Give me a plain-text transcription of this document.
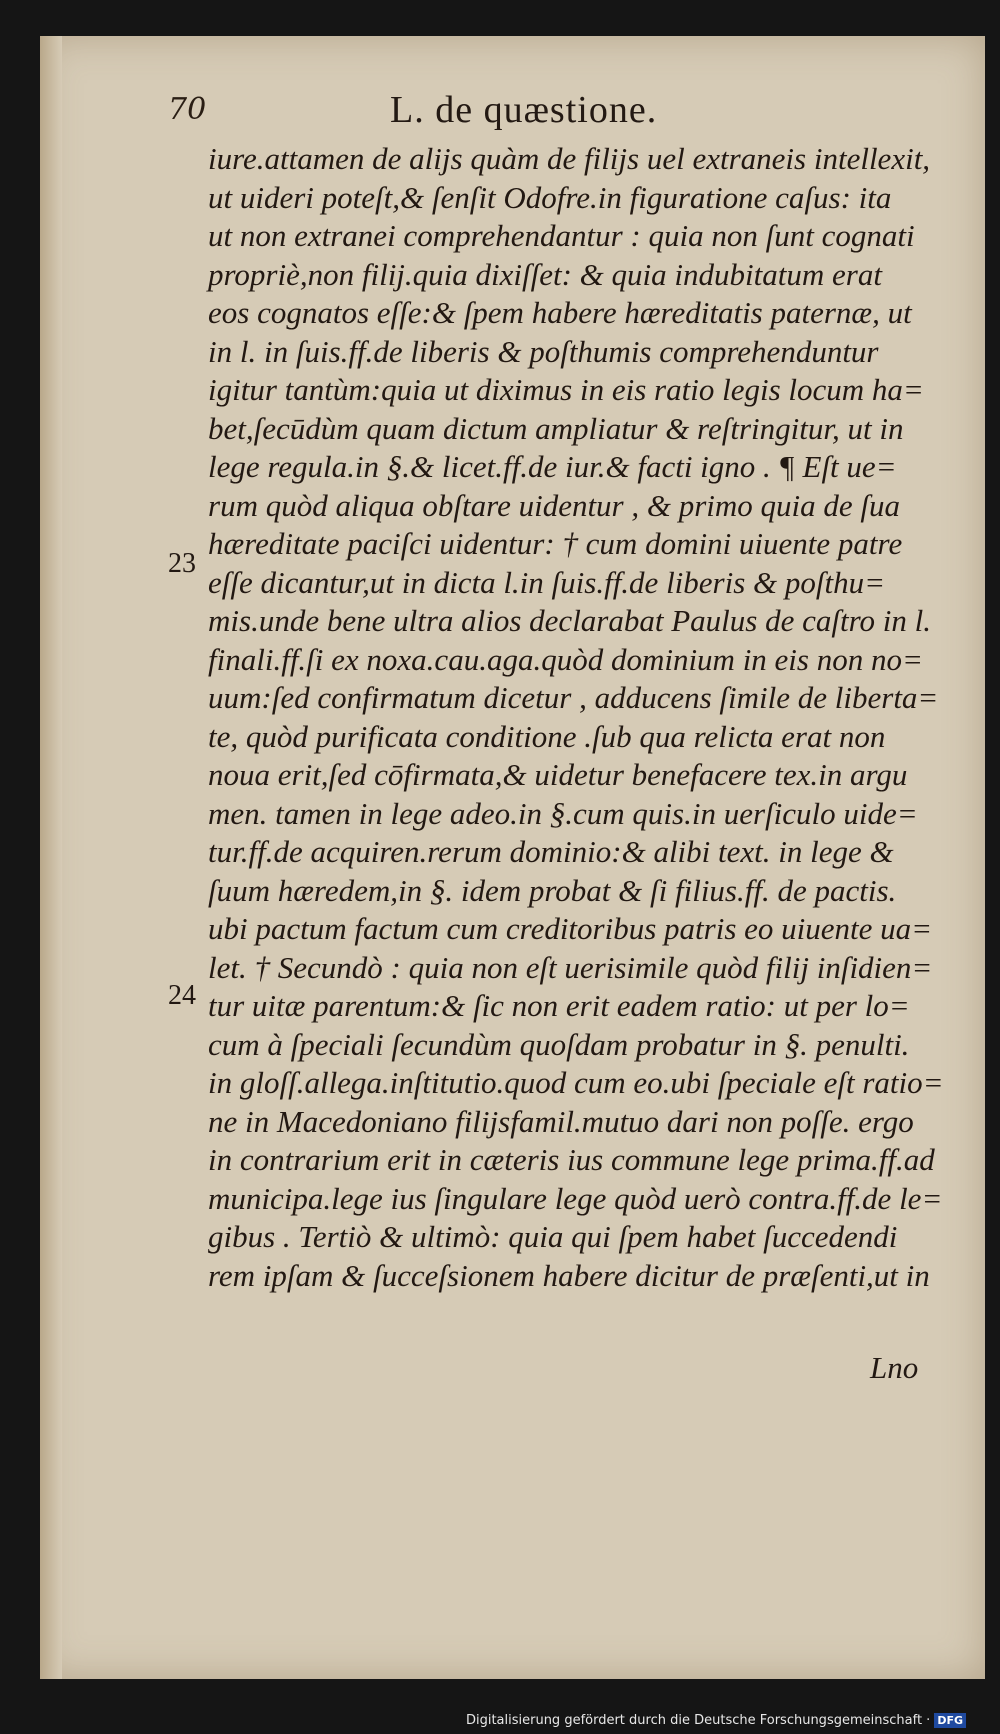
70	L. de quæstione.
iure.attamen de alijs quàm de filijs uel extraneis intellexit,
ut uideri poteſt,& ſenſit Odofre.in figuratione caſus: ita
ut non extranei comprehendantur : quia non ſunt cognati
propriè,non filij.quia dixiſſet: & quia indubitatum erat
eos cognatos eſſe:& ſpem habere hæreditatis paternæ, ut
in l. in ſuis.ff.de liberis & poſthumis comprehenduntur
igitur tantùm:quia ut diximus in eis ratio legis locum ha=
bet,ſecūdùm quam dictum ampliatur & reſtringitur, ut in
lege regula.in §.& licet.ff.de iur.& facti igno . ¶ Eſt ue=
rum quòd aliqua obſtare uidentur , & primo quia de ſua
hæreditate paciſci uidentur: † cum domini uiuente patre
eſſe dicantur,ut in dicta l.in ſuis.ff.de liberis & poſthu=
mis.unde bene ultra alios declarabat Paulus de caſtro in l.
finali.ff.ſi ex noxa.cau.aga.quòd dominium in eis non no=
uum:ſed confirmatum dicetur , adducens ſimile de liberta=
te, quòd purificata conditione .ſub qua relicta erat non
noua erit,ſed cōfirmata,& uidetur benefacere tex.in argu
men. tamen in lege adeo.in §.cum quis.in uerſiculo uide=
tur.ff.de acquiren.rerum dominio:& alibi text. in lege &
ſuum hæredem,in §. idem probat & ſi filius.ff. de pactis.
ubi pactum factum cum creditoribus patris eo uiuente ua=
let. † Secundò : quia non eſt uerisimile quòd filij inſidien=
tur uitæ parentum:& ſic non erit eadem ratio: ut per lo=
cum à ſpeciali ſecundùm quoſdam probatur in §. penulti.
in gloſſ.allega.inſtitutio.quod cum eo.ubi ſpeciale eſt ratio=
ne in Macedoniano filijsfamil.mutuo dari non poſſe. ergo
in contrarium erit in cæteris ius commune lege prima.ff.ad
municipa.lege ius ſingulare lege quòd uerò contra.ff.de le=
gibus . Tertiò & ultimò: quia qui ſpem habet ſuccedendi
rem ipſam & ſucceſsionem habere dicitur de præſenti,ut in
23
24
Lno
Digitalisierung gefördert durch die Deutsche Forschungsgemeinschaft · DFG
